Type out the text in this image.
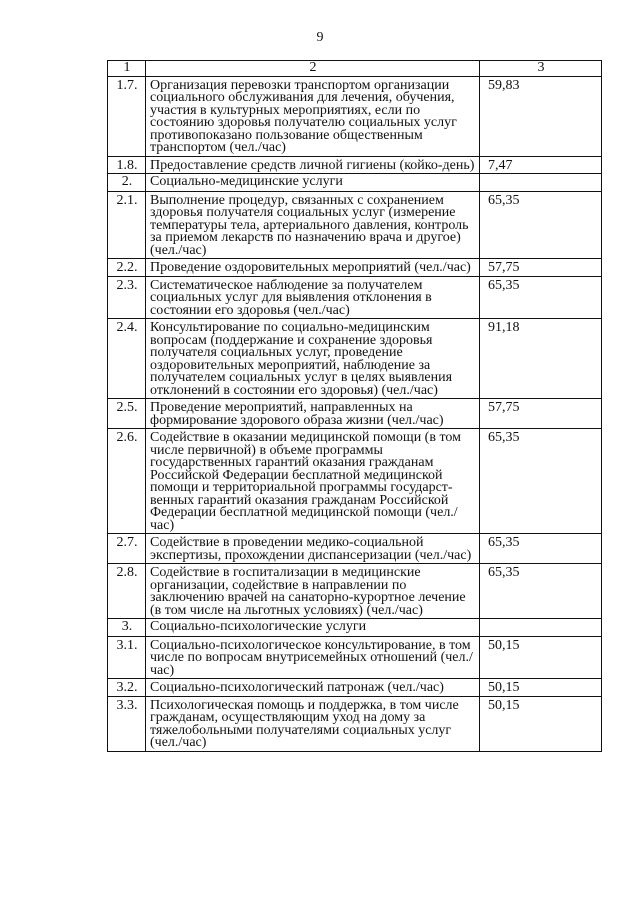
9
1	2	3
1.7.	Организация перевозки транспортом организации социального обслуживания для лечения, обучения, участия в культурных мероприятиях, если по состоянию здоровья получателю социальных услуг противопоказано пользование общественным транспортом (чел./час)	59,83
1.8.	Предоставление средств личной гигиены (койко-день)	7,47
2.	Социально-медицинские услуги	
2.1.	Выполнение процедур, связанных с сохранением здоровья получателя социальных услуг (измерение температуры тела, артериального давления, контроль за приемом лекарств по назначению врача и другое) (чел./час)	65,35
2.2.	Проведение оздоровительных мероприятий (чел./час)	57,75
2.3.	Систематическое наблюдение за получателем социальных услуг для выявления отклонения в состоянии его здоровья (чел./час)	65,35
2.4.	Консультирование по социально-медицинским вопросам (поддержание и сохранение здоровья получателя социальных услуг, проведение оздоровительных мероприятий, наблюдение за получателем социальных услуг в целях выявления отклонений в состоянии его здоровья) (чел./час)	91,18
2.5.	Проведение мероприятий, направленных на формирование здорового образа жизни (чел./час)	57,75
2.6.	Содействие в оказании медицинской помощи (в том числе первичной) в объеме программы государственных гарантий оказания гражданам Российской Федерации бесплатной медицинской помощи и территориальной программы государст-венных гарантий оказания гражданам Российской Федерации бесплатной медицинской помощи (чел./час)	65,35
2.7.	Содействие в проведении медико-социальной экспертизы, прохождении диспансеризации (чел./час)	65,35
2.8.	Содействие в госпитализации в медицинские организации, содействие в направлении по заключению врачей на санаторно-курортное лечение (в том числе на льготных условиях) (чел./час)	65,35
3.	Социально-психологические услуги	
3.1.	Социально-психологическое консультирование, в том числе по вопросам внутрисемейных отношений (чел./час)	50,15
3.2.	Социально-психологический патронаж (чел./час)	50,15
3.3.	Психологическая помощь и поддержка, в том числе гражданам, осуществляющим уход на дому за тяжелобольными получателями социальных услуг (чел./час)	50,15
